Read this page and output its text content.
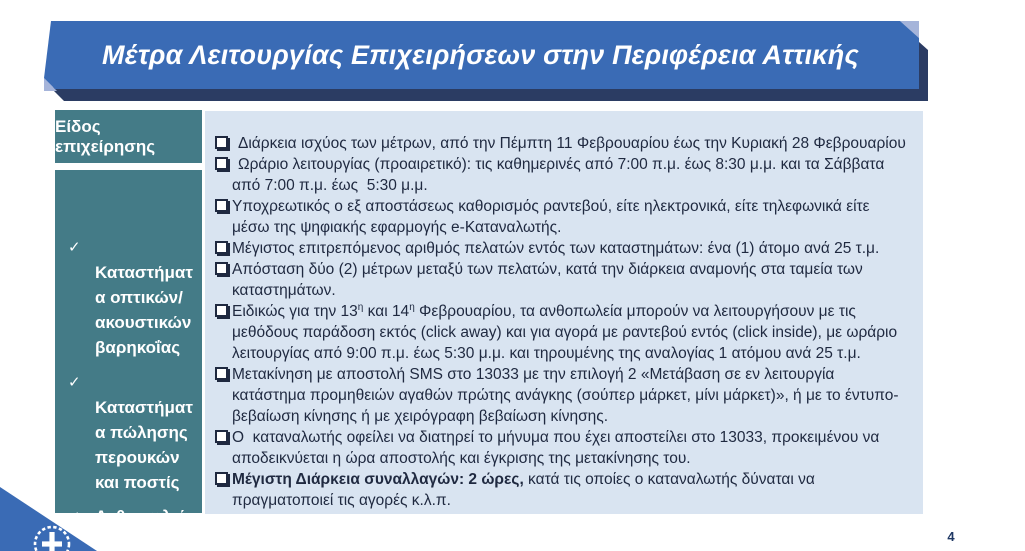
Μέτρα Λειτουργίας Επιχειρήσεων στην Περιφέρεια Αττικής
Είδος επιχείρησης
✓Καταστήματα οπτικών/ακουστικών βαρηκοΐας
✓Καταστήματα πώλησης περουκών και ποστίς
✓ Ανθοπωλεία
Διάρκεια ισχύος των μέτρων, από την Πέμπτη 11 Φεβρουαρίου έως την Κυριακή 28 Φεβρουαρίου
Ωράριο λειτουργίας (προαιρετικό): τις καθημερινές από 7:00 π.μ. έως 8:30 μ.μ. και τα Σάββατα από 7:00 π.μ. έως  5:30 μ.μ.
Υποχρεωτικός ο εξ αποστάσεως καθορισμός ραντεβού, είτε ηλεκτρονικά, είτε τηλεφωνικά είτε μέσω της ψηφιακής εφαρμογής e-Καταναλωτής.
Μέγιστος επιτρεπόμενος αριθμός πελατών εντός των καταστημάτων: ένα (1) άτομο ανά 25 τ.μ.
Απόσταση δύο (2) μέτρων μεταξύ των πελατών, κατά την διάρκεια αναμονής στα ταμεία των καταστημάτων.
Ειδικώς για την $13^\eta$ και $14^\eta$ Φεβρουαρίου, τα ανθοπωλεία μπορούν να λειτουργήσουν με τις μεθόδους παράδοση εκτός (click away) και για αγορά με ραντεβού εντός (click inside), με ωράριο λειτουργίας από 9:00 π.μ. έως 5:30 μ.μ. και τηρουμένης της αναλογίας 1 ατόμου ανά 25 τ.μ.
Μετακίνηση με αποστολή SMS στο 13033 με την επιλογή 2 «Μετάβαση σε εν λειτουργία κατάστημα προμηθειών αγαθών πρώτης ανάγκης (σούπερ μάρκετ, μίνι μάρκετ)», ή με το έντυπο-βεβαίωση κίνησης ή με χειρόγραφη βεβαίωση κίνησης.
Ο  καταναλωτής οφείλει να διατηρεί το μήνυμα που έχει αποστείλει στο 13033, προκειμένου να αποδεικνύεται η ώρα αποστολής και έγκρισης της μετακίνησης του.
Μέγιστη Διάρκεια συναλλαγών: 2 ώρες, κατά τις οποίες ο καταναλωτής δύναται να πραγματοποιεί τις αγορές κ.λ.π.
4
